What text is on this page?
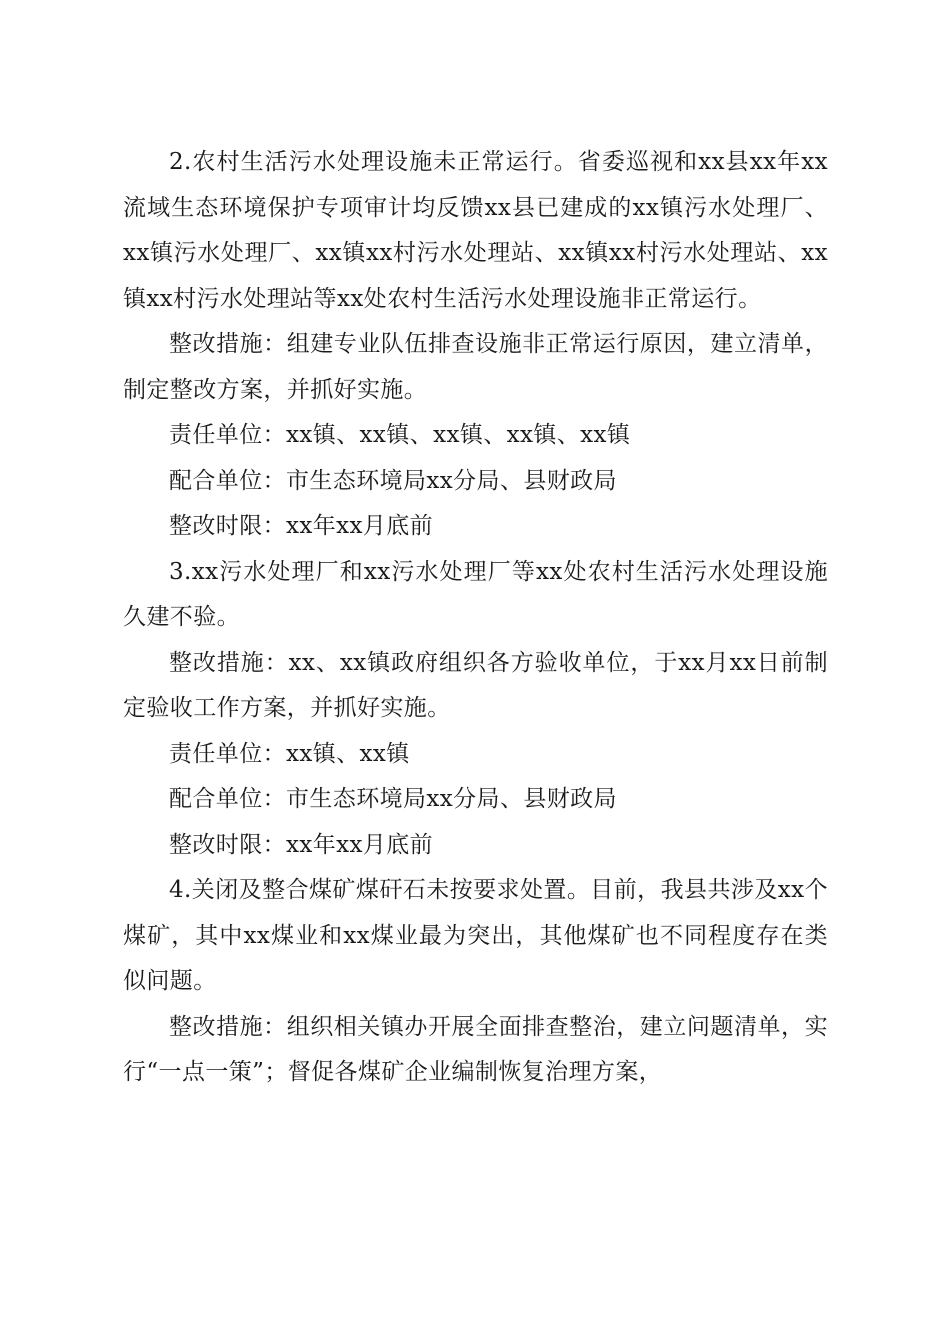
2.农村生活污水处理设施未正常运行。省委巡视和xx县xx年xx流域生态环境保护专项审计均反馈xx县已建成的xx镇污水处理厂、xx镇污水处理厂、xx镇xx村污水处理站、xx镇xx村污水处理站、xx镇xx村污水处理站等xx处农村生活污水处理设施非正常运行。

整改措施：组建专业队伍排查设施非正常运行原因，建立清单，制定整改方案，并抓好实施。

责任单位：xx镇、xx镇、xx镇、xx镇、xx镇

配合单位：市生态环境局xx分局、县财政局

整改时限：xx年xx月底前

3.xx污水处理厂和xx污水处理厂等xx处农村生活污水处理设施久建不验。

整改措施：xx、xx镇政府组织各方验收单位，于xx月xx日前制定验收工作方案，并抓好实施。

责任单位：xx镇、xx镇

配合单位：市生态环境局xx分局、县财政局

整改时限：xx年xx月底前

4.关闭及整合煤矿煤矸石未按要求处置。目前，我县共涉及xx个煤矿，其中xx煤业和xx煤业最为突出，其他煤矿也不同程度存在类似问题。

整改措施：组织相关镇办开展全面排查整治，建立问题清单，实行“一点一策”；督促各煤矿企业编制恢复治理方案，
